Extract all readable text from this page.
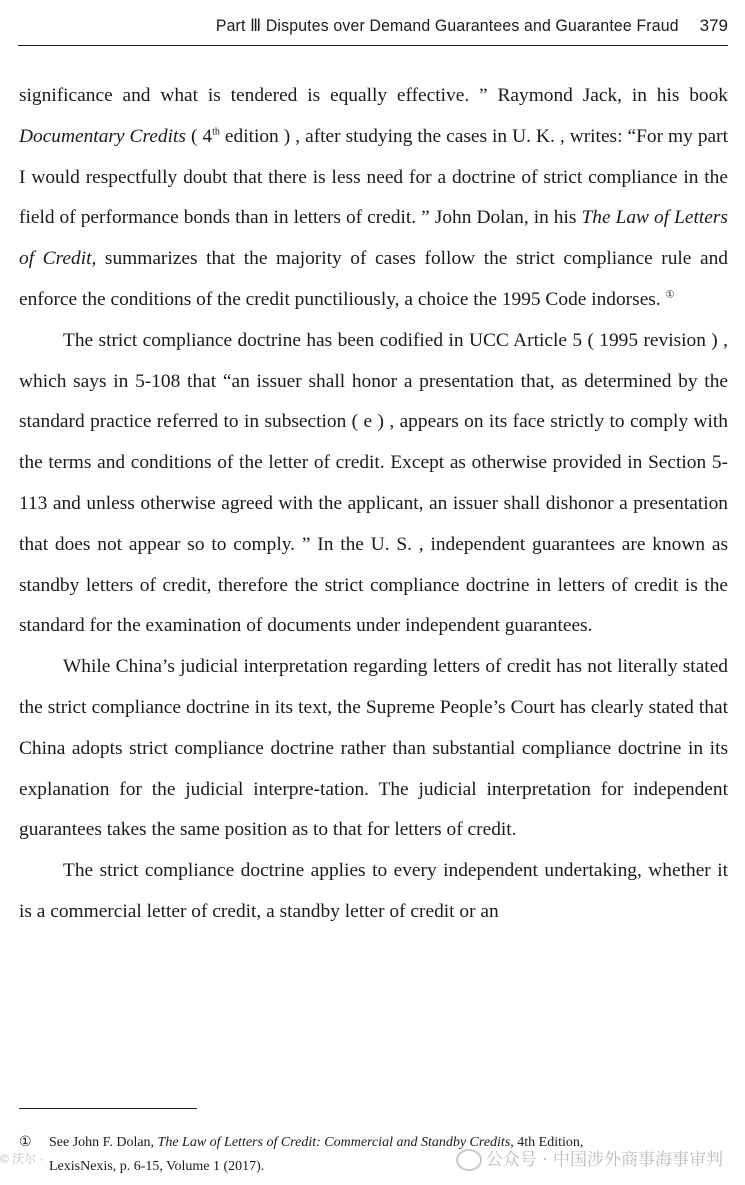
Part Ⅲ Disputes over Demand Guarantees and Guarantee Fraud 379

significance and what is tendered is equally effective. ” Raymond Jack, in his book Documentary Credits ( 4th edition ) , after studying the cases in U. K. , writes: “For my part I would respectfully doubt that there is less need for a doctrine of strict compliance in the field of performance bonds than in letters of credit. ” John Dolan, in his The Law of Letters of Credit, summarizes that the majority of cases follow the strict compliance rule and enforce the conditions of the credit punctiliously, a choice the 1995 Code indorses. ①

The strict compliance doctrine has been codified in UCC Article 5 ( 1995 revision ) , which says in 5-108 that “an issuer shall honor a presentation that, as determined by the standard practice referred to in subsection ( e ) , appears on its face strictly to comply with the terms and conditions of the letter of credit. Except as otherwise provided in Section 5-113 and unless otherwise agreed with the applicant, an issuer shall dishonor a presentation that does not appear so to comply. ” In the U. S. , independent guarantees are known as standby letters of credit, therefore the strict compliance doctrine in letters of credit is the standard for the examination of documents under independent guarantees.

While China’s judicial interpretation regarding letters of credit has not literally stated the strict compliance doctrine in its text, the Supreme People’s Court has clearly stated that China adopts strict compliance doctrine rather than substantial compliance doctrine in its explanation for the judicial interpre-tation. The judicial interpretation for independent guarantees takes the same position as to that for letters of credit.

The strict compliance doctrine applies to every independent undertaking, whether it is a commercial letter of credit, a standby letter of credit or an

① See John F. Dolan, The Law of Letters of Credit: Commercial and Standby Credits, 4th Edition,
LexisNexis, p. 6-15, Volume 1 (2017).
© 沃尔 ·	公众号 · 中国涉外商事海事审判
